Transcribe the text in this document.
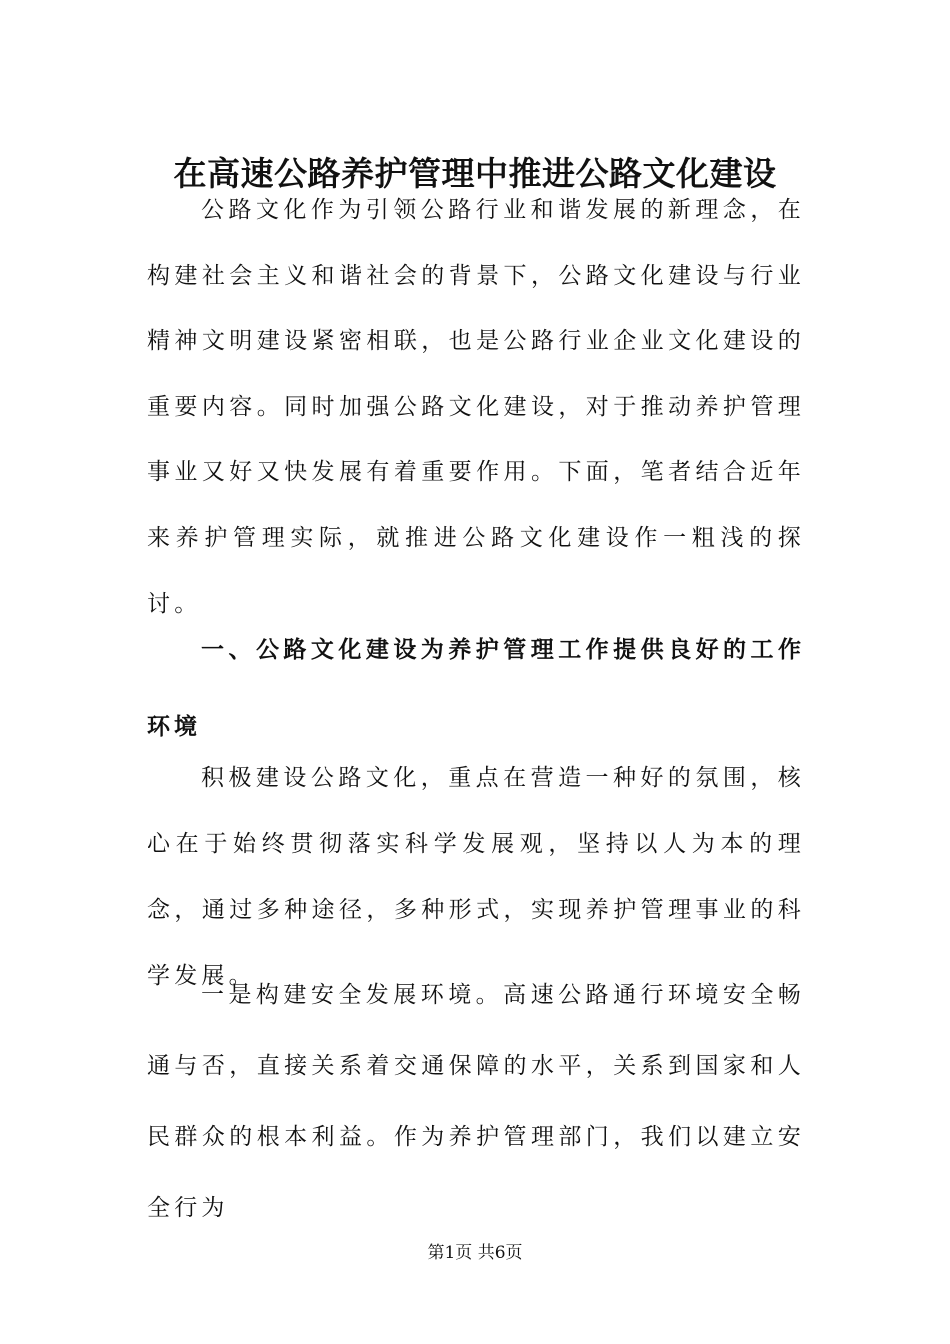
在高速公路养护管理中推进公路文化建设

公路文化作为引领公路行业和谐发展的新理念，在构建社会主义和谐社会的背景下，公路文化建设与行业精神文明建设紧密相联，也是公路行业企业文化建设的重要内容。同时加强公路文化建设，对于推动养护管理事业又好又快发展有着重要作用。下面，笔者结合近年来养护管理实际，就推进公路文化建设作一粗浅的探讨。

一、公路文化建设为养护管理工作提供良好的工作环境

积极建设公路文化，重点在营造一种好的氛围，核心在于始终贯彻落实科学发展观，坚持以人为本的理念，通过多种途径，多种形式，实现养护管理事业的科学发展。

一是构建安全发展环境。高速公路通行环境安全畅通与否，直接关系着交通保障的水平，关系到国家和人民群众的根本利益。作为养护管理部门，我们以建立安全行为

第1页 共6页
